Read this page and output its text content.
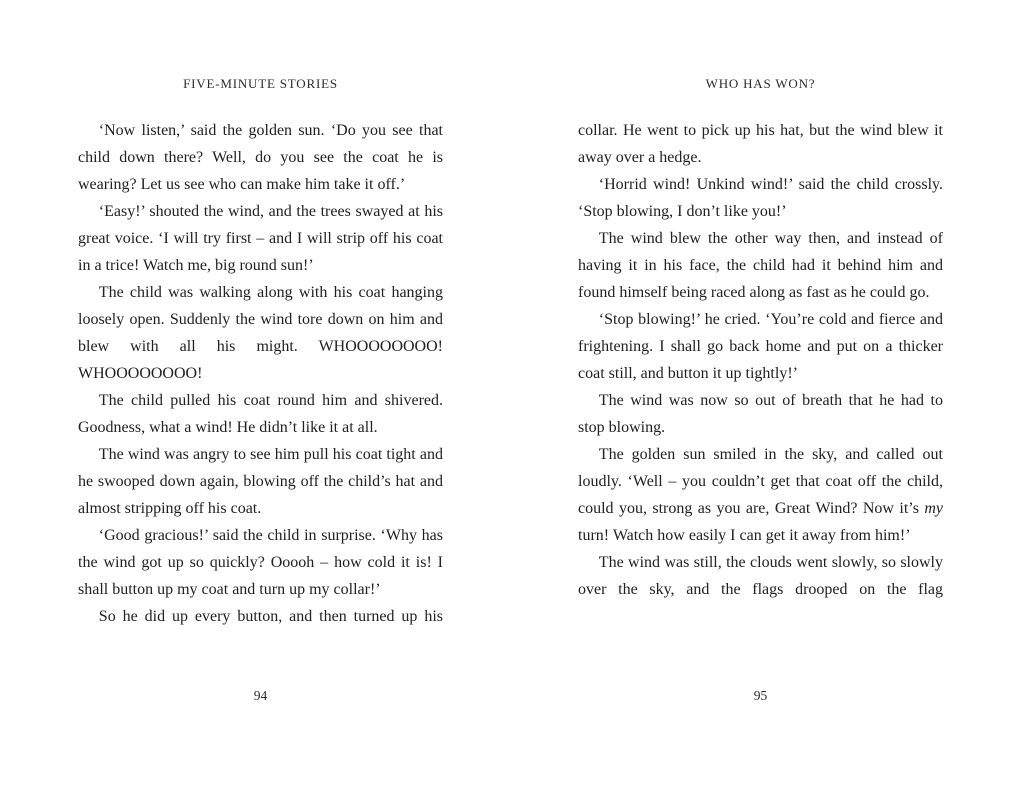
FIVE-MINUTE STORIES

‘Now listen,’ said the golden sun. ‘Do you see that child down there? Well, do you see the coat he is wearing? Let us see who can make him take it off.’

‘Easy!’ shouted the wind, and the trees swayed at his great voice. ‘I will try first – and I will strip off his coat in a trice! Watch me, big round sun!’

The child was walking along with his coat hanging loosely open. Suddenly the wind tore down on him and blew with all his might. WHOOOOOOOO! WHOOOOOOOO!

The child pulled his coat round him and shivered. Goodness, what a wind! He didn’t like it at all.

The wind was angry to see him pull his coat tight and he swooped down again, blowing off the child’s hat and almost stripping off his coat.

‘Good gracious!’ said the child in surprise. ‘Why has the wind got up so quickly? Ooooh – how cold it is! I shall button up my coat and turn up my collar!’

So he did up every button, and then turned up his

94
WHO HAS WON?

collar. He went to pick up his hat, but the wind blew it away over a hedge.

‘Horrid wind! Unkind wind!’ said the child crossly. ‘Stop blowing, I don’t like you!’

The wind blew the other way then, and instead of having it in his face, the child had it behind him and found himself being raced along as fast as he could go.

‘Stop blowing!’ he cried. ‘You’re cold and fierce and frightening. I shall go back home and put on a thicker coat still, and button it up tightly!’

The wind was now so out of breath that he had to stop blowing.

The golden sun smiled in the sky, and called out loudly. ‘Well – you couldn’t get that coat off the child, could you, strong as you are, Great Wind? Now it’s my turn! Watch how easily I can get it away from him!’

The wind was still, the clouds went slowly, so slowly over the sky, and the flags drooped on the flag

95
